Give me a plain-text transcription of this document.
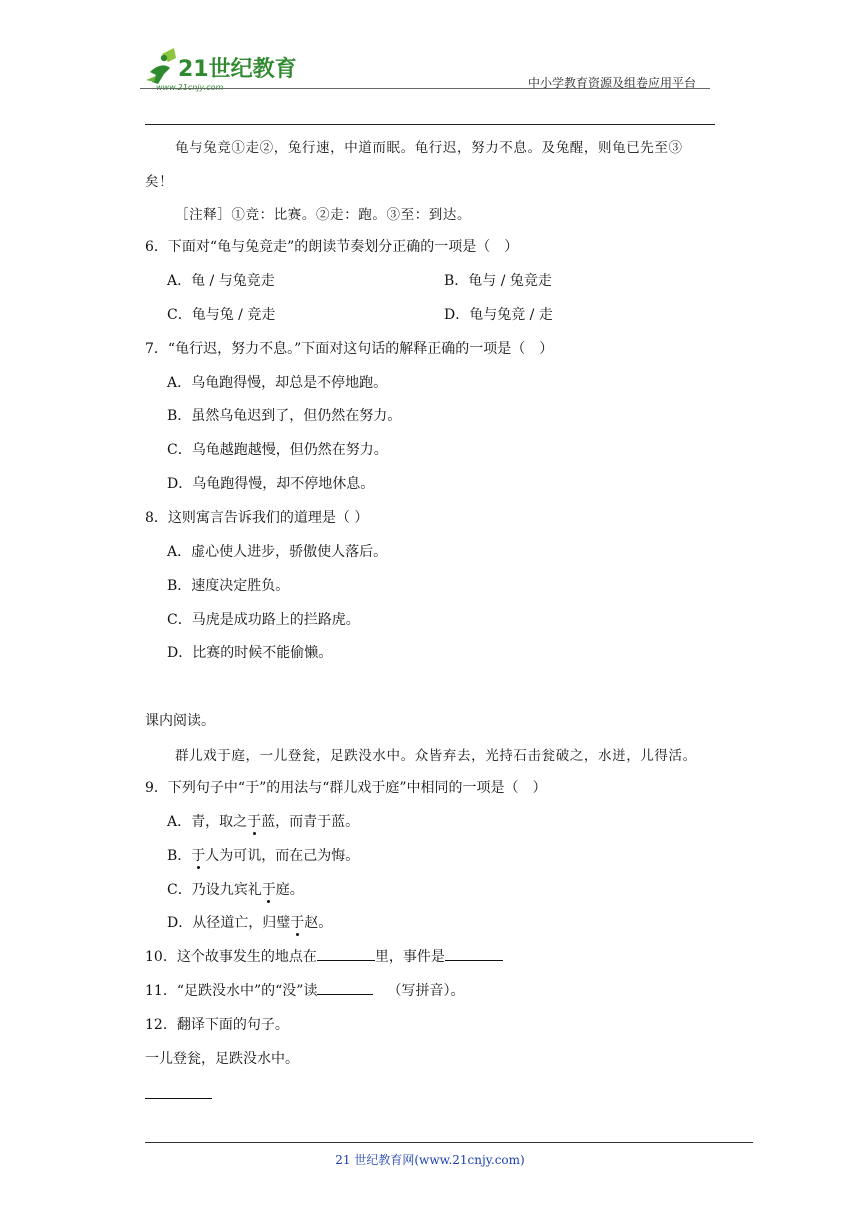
21世纪教育
www.21cnjy.com	中小学教育资源及组卷应用平台
龟与兔竞①走②，兔行速，中道而眠。龟行迟，努力不息。及兔醒，则龟已先至③
矣！
［注释］①竞：比赛。②走：跑。③至：到达。
6．下面对“龟与兔竞走”的朗读节奏划分正确的一项是（　）
A．龟 / 与兔竞走	B．龟与 / 兔竞走
C．龟与兔 / 竞走	D．龟与兔竞 / 走
7．“龟行迟，努力不息。”下面对这句话的解释正确的一项是（　）
A．乌龟跑得慢，却总是不停地跑。
B．虽然乌龟迟到了，但仍然在努力。
C．乌龟越跑越慢，但仍然在努力。
D．乌龟跑得慢，却不停地休息。
8．这则寓言告诉我们的道理是（ ）
A．虚心使人进步，骄傲使人落后。
B．速度决定胜负。
C．马虎是成功路上的拦路虎。
D．比赛的时候不能偷懒。
课内阅读。
群儿戏于庭，一儿登瓮，足跌没水中。众皆弃去，光持石击瓮破之，水迸，儿得活。
9．下列句子中“于”的用法与“群儿戏于庭”中相同的一项是（　）
A．青，取之于蓝，而青于蓝。
B．于人为可讥，而在己为悔。
C．乃设九宾礼于庭。
D．从径道亡，归璧于赵。
10．这个故事发生的地点在	里，事件是
11．“足跌没水中”的“没”读	（写拼音）。
12．翻译下面的句子。
一儿登瓮，足跌没水中。
21 世纪教育网(www.21cnjy.com)
